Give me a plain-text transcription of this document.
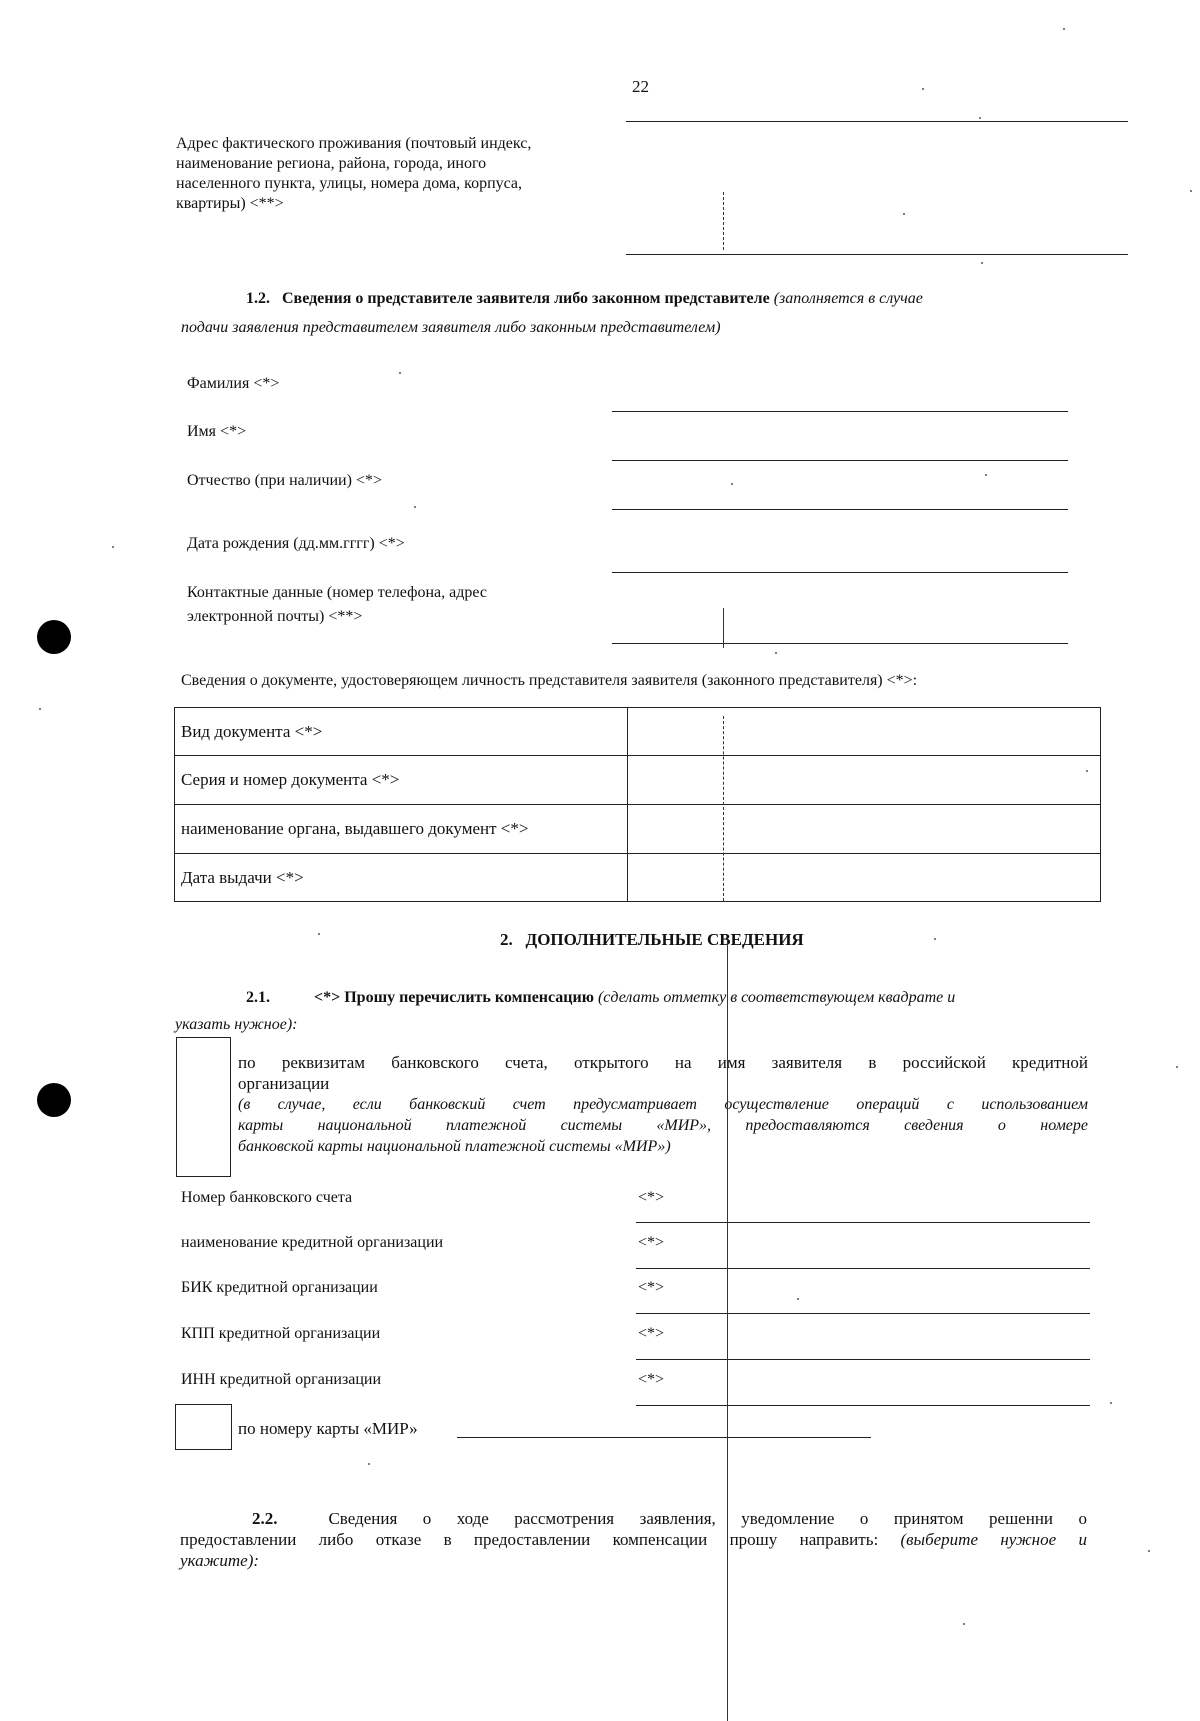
22
Адрес фактического проживания (почтовый индекс,
наименование региона, района, города, иного
населенного пункта, улицы, номера дома, корпуса,
квартиры) <**>
1.2. Сведения о представителе заявителя либо законном представителе (заполняется в случае
подачи заявления представителем заявителя либо законным представителем)
Фамилия <*>
Имя <*>
Отчество (при наличии) <*>
Дата рождения (дд.мм.гггг) <*>
Контактные данные (номер телефона, адрес
электронной почты) <**>
Сведения о документе, удостоверяющем личность представителя заявителя (законного представителя) <*>:
Вид документа <*>	
Серия и номер документа <*>	
наименование органа, выдавшего документ <*>	
Дата выдачи <*>	
2. ДОПОЛНИТЕЛЬНЫЕ СВЕДЕНИЯ
2.1.	<*> Прошу перечислить компенсацию (сделать отметку в соответствующем квадрате и
указать нужное):
по реквизитам банковского счета, открытого на имя заявителя в российской кредитной
организации
(в случае, если банковский счет предусматривает осуществление операций с использованием
карты национальной платежной системы «МИР», предоставляются сведения о номере
банковской карты национальной платежной системы «МИР»)
Номер банковского счета	<*>
наименование кредитной организации	<*>
БИК кредитной организации	<*>
КПП кредитной организации	<*>
ИНН кредитной организации	<*>
по номеру карты «МИР»
2.2.	Сведения о ходе рассмотрения заявления, уведомление о принятом решенни о
предоставлении либо отказе в предоставлении компенсации прошу направить: (выберите нужное и
укажите):
